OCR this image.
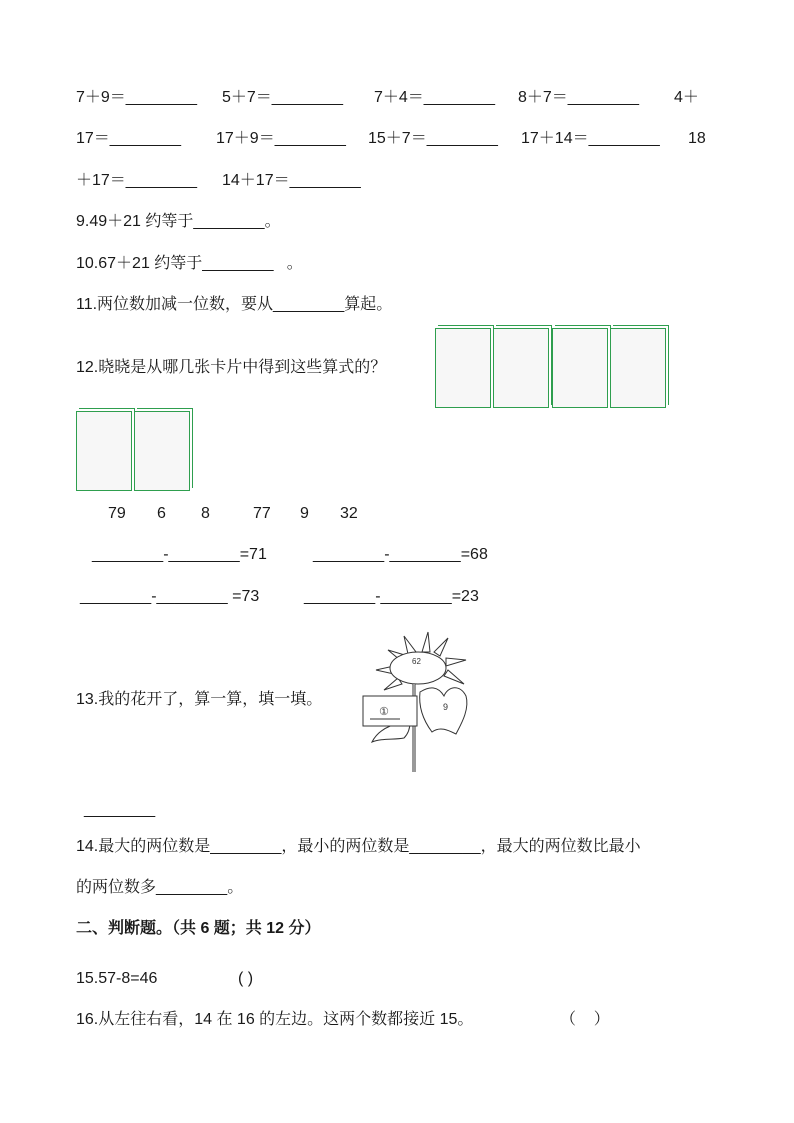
7＋9＝________ 5＋7＝________ 7＋4＝________ 8＋7＝________ 4＋
17＝________ 17＋9＝________ 15＋7＝________ 17＋14＝________ 18
＋17＝________ 14＋17＝________
9.49＋21 约等于________。
10.67＋21 约等于________   。
11.两位数加减一位数，要从________算起。
12.晓晓是从哪几张卡片中得到这些算式的？
79 6 8	77 9 32
________-________=71	________-________=68
________-________ =73	________-________=23
13.我的花开了，算一算，填一填。
62
9
①
________
14.最大的两位数是________，最小的两位数是________，最大的两位数比最小
的两位数多________。
二、判断题。（共 6 题；共 12 分）
15.57-8=46	( )
16.从左往右看，14 在 16 的左边。这两个数都接近 15。	（    ）
